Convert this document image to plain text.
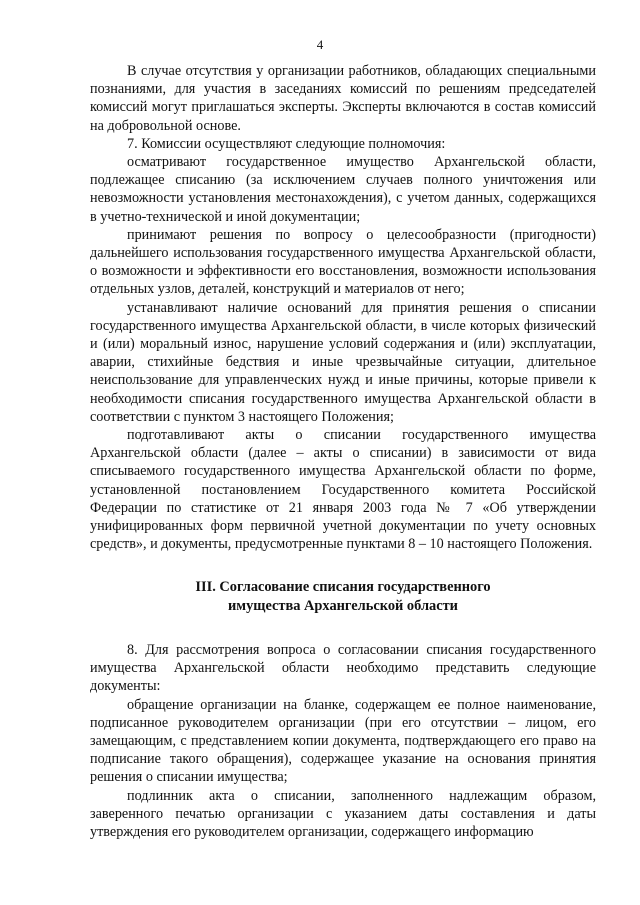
4

В случае отсутствия у организации работников, обладающих специальными познаниями, для участия в заседаниях комиссий по решениям председателей комиссий могут приглашаться эксперты. Эксперты включаются в состав комиссий на добровольной основе.

7. Комиссии осуществляют следующие полномочия:

осматривают государственное имущество Архангельской области, подлежащее списанию (за исключением случаев полного уничтожения или невозможности установления местонахождения), с учетом данных, содержащихся в учетно-технической и иной документации;

принимают решения по вопросу о целесообразности (пригодности) дальнейшего использования государственного имущества Архангельской области, о возможности и эффективности его восстановления, возможности использования отдельных узлов, деталей, конструкций и материалов от него;

устанавливают наличие оснований для принятия решения о списании государственного имущества Архангельской области, в числе которых физический и (или) моральный износ, нарушение условий содержания и (или) эксплуатации, аварии, стихийные бедствия и иные чрезвычайные ситуации, длительное неиспользование для управленческих нужд и иные причины, которые привели к необходимости списания государственного имущества Архангельской области в соответствии с пунктом 3 настоящего Положения;

подготавливают акты о списании государственного имущества Архангельской области (далее – акты о списании) в зависимости от вида списываемого государственного имущества Архангельской области по форме, установленной постановлением Государственного комитета Российской Федерации по статистике от 21 января 2003 года № 7 «Об утверждении унифицированных форм первичной учетной документации по учету основных средств», и документы, предусмотренные пунктами 8 – 10 настоящего Положения.

III. Согласование списания государственного
имущества Архангельской области

8. Для рассмотрения вопроса о согласовании списания государственного имущества Архангельской области необходимо представить следующие документы:

обращение организации на бланке, содержащем ее полное наименование, подписанное руководителем организации (при его отсутствии – лицом, его замещающим, с представлением копии документа, подтверждающего его право на подписание такого обращения), содержащее указание на основания принятия решения о списании имущества;

подлинник акта о списании, заполненного надлежащим образом, заверенного печатью организации с указанием даты составления и даты утверждения его руководителем организации, содержащего информацию
